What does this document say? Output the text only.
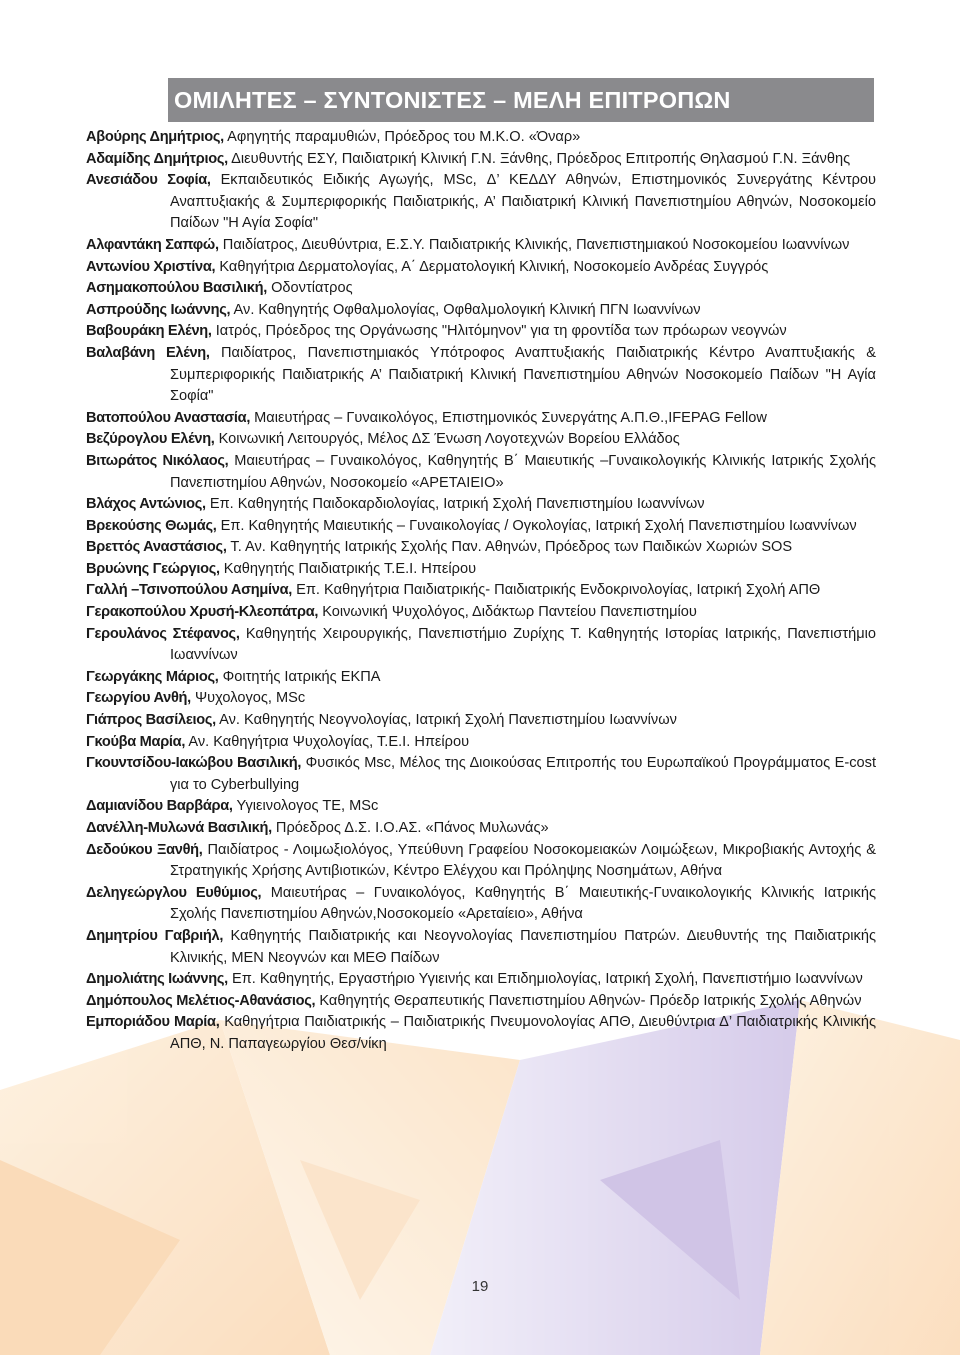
ΟΜΙΛΗΤΕΣ – ΣΥΝΤΟΝΙΣΤΕΣ – ΜΕΛΗ ΕΠΙΤΡΟΠΩΝ
Αβούρης Δημήτριος, Αφηγητής παραμυθιών, Πρόεδρος του Μ.Κ.Ο. «Όναρ»
Αδαμίδης Δημήτριος, Διευθυντής ΕΣΥ, Παιδιατρική Κλινική Γ.Ν. Ξάνθης, Πρόεδρος Επιτροπής Θηλασμού Γ.Ν. Ξάνθης
Ανεσιάδου Σοφία, Εκπαιδευτικός Ειδικής Αγωγής, MSc, Δ’ ΚΕΔΔΥ Αθηνών, Επιστημονικός Συνεργάτης Κέντρου Αναπτυξιακής & Συμπεριφορικής Παιδιατρικής, Α’ Παιδιατρική Κλινική Πανεπιστημίου Αθηνών, Νοσοκομείο Παίδων "Η Αγία Σοφία"
Αλφαντάκη Σαπφώ, Παιδίατρος, Διευθύντρια, Ε.Σ.Υ. Παιδιατρικής Κλινικής, Πανεπιστημιακού Νοσοκομείου Ιωαννίνων
Αντωνίου Χριστίνα, Καθηγήτρια Δερματολογίας, Α΄ Δερματολογική Κλινική, Νοσοκομείο Ανδρέας Συγγρός
Ασημακοπούλου Βασιλική, Οδοντίατρος
Ασπρούδης Ιωάννης, Αν. Καθηγητής Οφθαλμολογίας, Οφθαλμολογική Κλινική ΠΓΝ Ιωαννίνων
Βαβουράκη Ελένη, Ιατρός, Πρόεδρος της Οργάνωσης "Ηλιτόμηνον" για τη φροντίδα των πρόωρων νεογνών
Βαλαβάνη Ελένη, Παιδίατρος, Πανεπιστημιακός Υπότροφος Αναπτυξιακής Παιδιατρικής Κέντρο Αναπτυξιακής & Συμπεριφορικής Παιδιατρικής Α’ Παιδιατρική Κλινική Πανεπιστημίου Αθηνών Νοσοκομείο Παίδων "Η Αγία Σοφία"
Βατοπούλου Αναστασία, Μαιευτήρας – Γυναικολόγος, Επιστημονικός Συνεργάτης Α.Π.Θ.,IFEPAG Fellow
Βεζύρογλου Ελένη, Κοινωνική Λειτουργός, Μέλος ΔΣ Ένωση Λογοτεχνών Βορείου Ελλάδος
Βιτωράτος Νικόλαος, Μαιευτήρας – Γυναικολόγος, Καθηγητής Β΄ Μαιευτικής –Γυναικολογικής Κλινικής Ιατρικής Σχολής Πανεπιστημίου Αθηνών, Νοσοκομείο «ΑΡΕΤΑΙΕΙΟ»
Βλάχος Αντώνιος, Επ. Καθηγητής Παιδοκαρδιολογίας, Ιατρική Σχολή Πανεπιστημίου Ιωαννίνων
Βρεκούσης Θωμάς, Επ. Καθηγητής Μαιευτικής – Γυναικολογίας / Ογκολογίας, Ιατρική Σχολή Πανεπιστημίου Ιωαννίνων
Βρεττός Αναστάσιος, Τ. Αν. Καθηγητής Ιατρικής Σχολής Παν. Αθηνών, Πρόεδρος των Παιδικών Χωριών SOS
Βρυώνης Γεώργιος, Καθηγητής Παιδιατρικής Τ.Ε.Ι. Ηπείρου
Γαλλή –Τσινοπούλου Ασημίνα, Επ. Καθηγήτρια Παιδιατρικής- Παιδιατρικής Ενδοκρινολογίας, Ιατρική Σχολή ΑΠΘ
Γερακοπούλου Χρυσή-Κλεοπάτρα, Κοινωνική Ψυχολόγος, Διδάκτωρ Παντείου Πανεπιστημίου
Γερουλάνος Στέφανος, Καθηγητής Χειρουργικής, Πανεπιστήμιο Ζυρίχης Τ. Καθηγητής Ιστορίας Ιατρικής, Πανεπιστήμιο Ιωαννίνων
Γεωργάκης Μάριος, Φοιτητής Ιατρικής ΕΚΠΑ
Γεωργίου Ανθή, Ψυχολογος, MSc
Γιάπρος Βασίλειος, Αν. Καθηγητής Νεογνολογίας, Ιατρική Σχολή Πανεπιστημίου Ιωαννίνων
Γκούβα Μαρία, Αν. Καθηγήτρια Ψυχολογίας, Τ.Ε.Ι. Ηπείρου
Γκουντσίδου-Ιακώβου Βασιλική, Φυσικός Msc, Μέλος της Διοικούσας Επιτροπής του Ευρωπαϊκού Προγράμματος E-cost για το Cyberbullying
Δαμιανίδου Βαρβάρα, Υγιεινολογος ΤΕ, MSc
Δανέλλη-Μυλωνά Βασιλική, Πρόεδρος Δ.Σ. Ι.Ο.ΑΣ. «Πάνος Μυλωνάς»
Δεδούκου Ξανθή, Παιδίατρος - Λοιμωξιολόγος, Υπεύθυνη Γραφείου Νοσοκομειακών Λοιμώξεων, Μικροβιακής Αντοχής & Στρατηγικής Χρήσης Αντιβιοτικών, Κέντρο Ελέγχου και Πρόληψης Νοσημάτων, Αθήνα
Δεληγεώργλου Ευθύμιος, Μαιευτήρας – Γυναικολόγος, Καθηγητής Β΄ Μαιευτικής-Γυναικολογικής Κλινικής Ιατρικής Σχολής Πανεπιστημίου Αθηνών,Νοσοκομείο «Αρεταίειο», Αθήνα
Δημητρίου Γαβριήλ, Καθηγητής Παιδιατρικής και Νεογνολογίας Πανεπιστημίου Πατρών. Διευθυντής της Παιδιατρικής Κλινικής, ΜΕΝ Νεογνών και ΜΕΘ Παίδων
Δημολιάτης Ιωάννης, Επ. Καθηγητής, Εργαστήριο Υγιεινής και Επιδημιολογίας, Ιατρική Σχολή, Πανεπιστήμιο Ιωαννίνων
Δημόπουλος Μελέτιος-Αθανάσιος, Καθηγητής Θεραπευτικής Πανεπιστημίου Αθηνών- Πρόεδρ Ιατρικής Σχολής Αθηνών
Εμποριάδου Μαρία, Καθηγήτρια Παιδιατρικής – Παιδιατρικής Πνευμονολογίας ΑΠΘ, Διευθύντρια Δ’ Παιδιατρικής Κλινικής ΑΠΘ, Ν. Παπαγεωργίου Θεσ/νίκη
19
